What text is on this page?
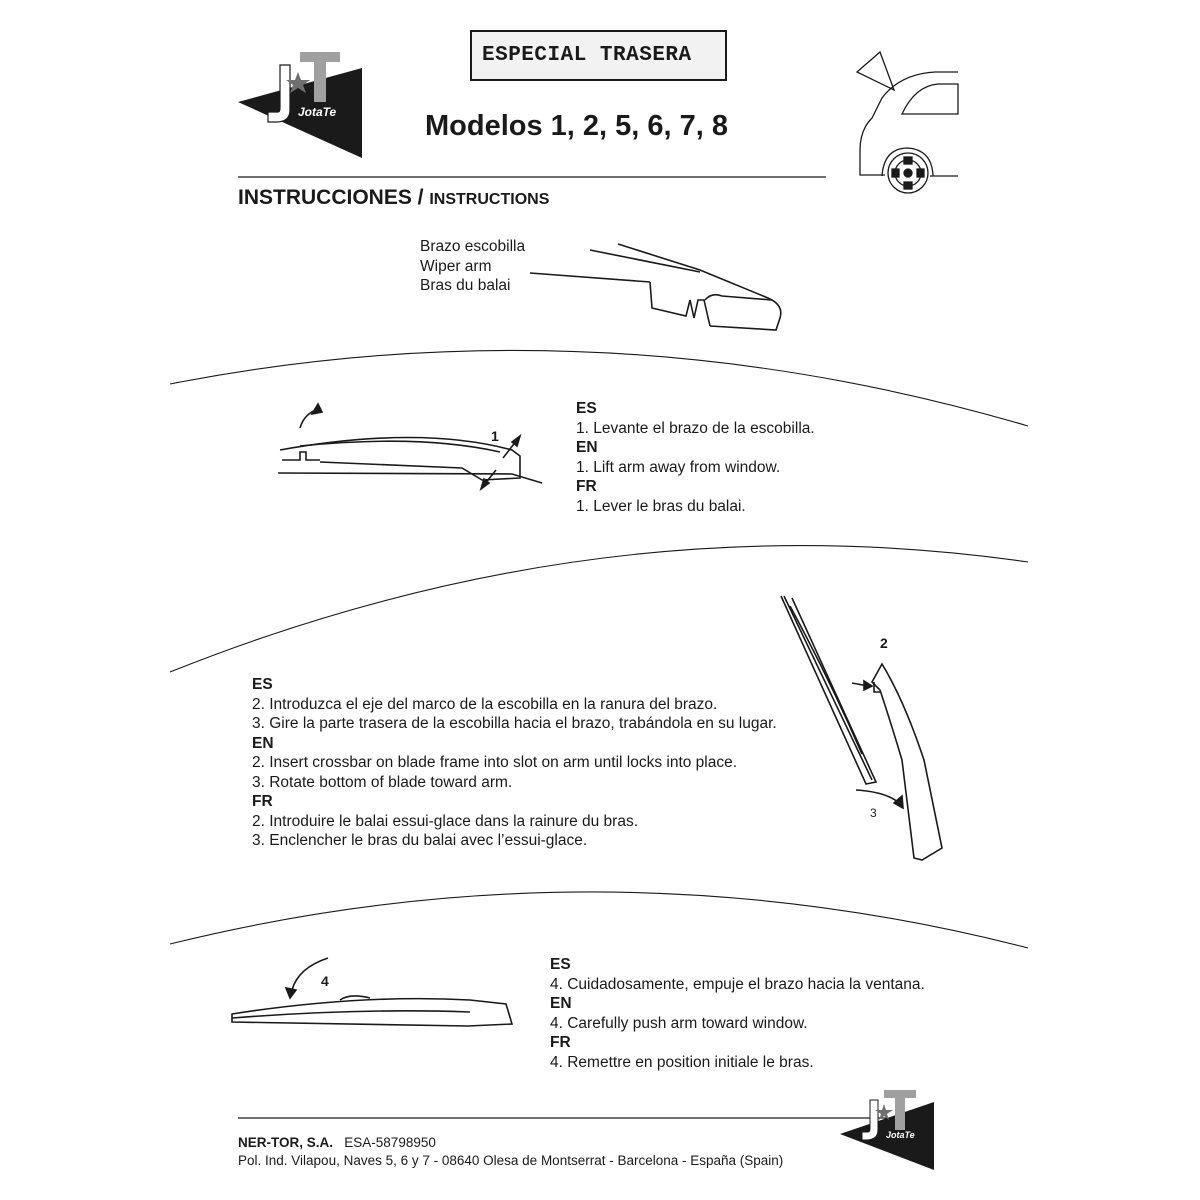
JotaTe
1
2
3
4
JotaTe
ESPECIAL TRASERA
Modelos 1, 2, 5, 6, 7, 8
INSTRUCCIONES / INSTRUCTIONS
Brazo escobilla
Wiper arm
Bras du balai
ES
1. Levante el brazo de la escobilla.
EN
1. Lift arm away from window.
FR
1. Lever le bras du balai.
ES
2. Introduzca el eje del marco de la escobilla en la ranura del brazo.
3. Gire la parte trasera de la escobilla hacia el brazo, trabándola en su lugar.
EN
2. Insert crossbar on blade frame into slot on arm until locks into place.
3. Rotate bottom of blade toward arm.
FR
2. Introduire le balai essui-glace dans la rainure du bras.
3. Enclencher le bras du balai avec l’essui-glace.
ES
4. Cuidadosamente, empuje el brazo hacia la ventana.
EN
4. Carefully push arm toward window.
FR
4. Remettre en position initiale le bras.
NER-TOR, S.A. ESA-58798950
Pol. Ind. Vilapou, Naves 5, 6 y 7 - 08640 Olesa de Montserrat - Barcelona - España (Spain)
